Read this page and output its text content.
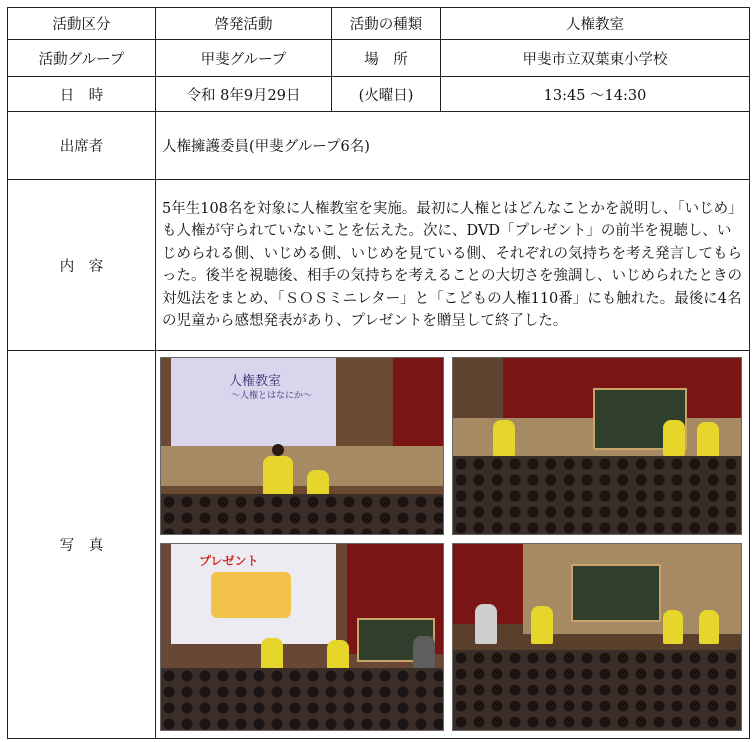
活動区分	啓発活動	活動の種類	人権教室
活動グループ	甲斐グループ	場　所	甲斐市立双葉東小学校
日　時	令和 8年9月29日	(火曜日)	13:45 ～14:30
出席者	人権擁護委員(甲斐グループ6名)		
内　容	5年生108名を対象に人権教室を実施。最初に人権とはどんなことかを説明し、「いじめ」も人権が守られていないことを伝えた。次に、DVD「プレゼント」の前半を視聴し、いじめられる側、いじめる側、いじめを見ている側、それぞれの気持ちを考え発言してもらった。後半を視聴後、相手の気持ちを考えることの大切さを強調し、いじめられたときの対処法をまとめ、「ＳＯＳミニレター」と「こどもの人権110番」にも触れた。最後に4名の児童から感想発表があり、プレゼントを贈呈して終了した。		
写　真	人権教室
～人権とはなにか～
プレゼント		
